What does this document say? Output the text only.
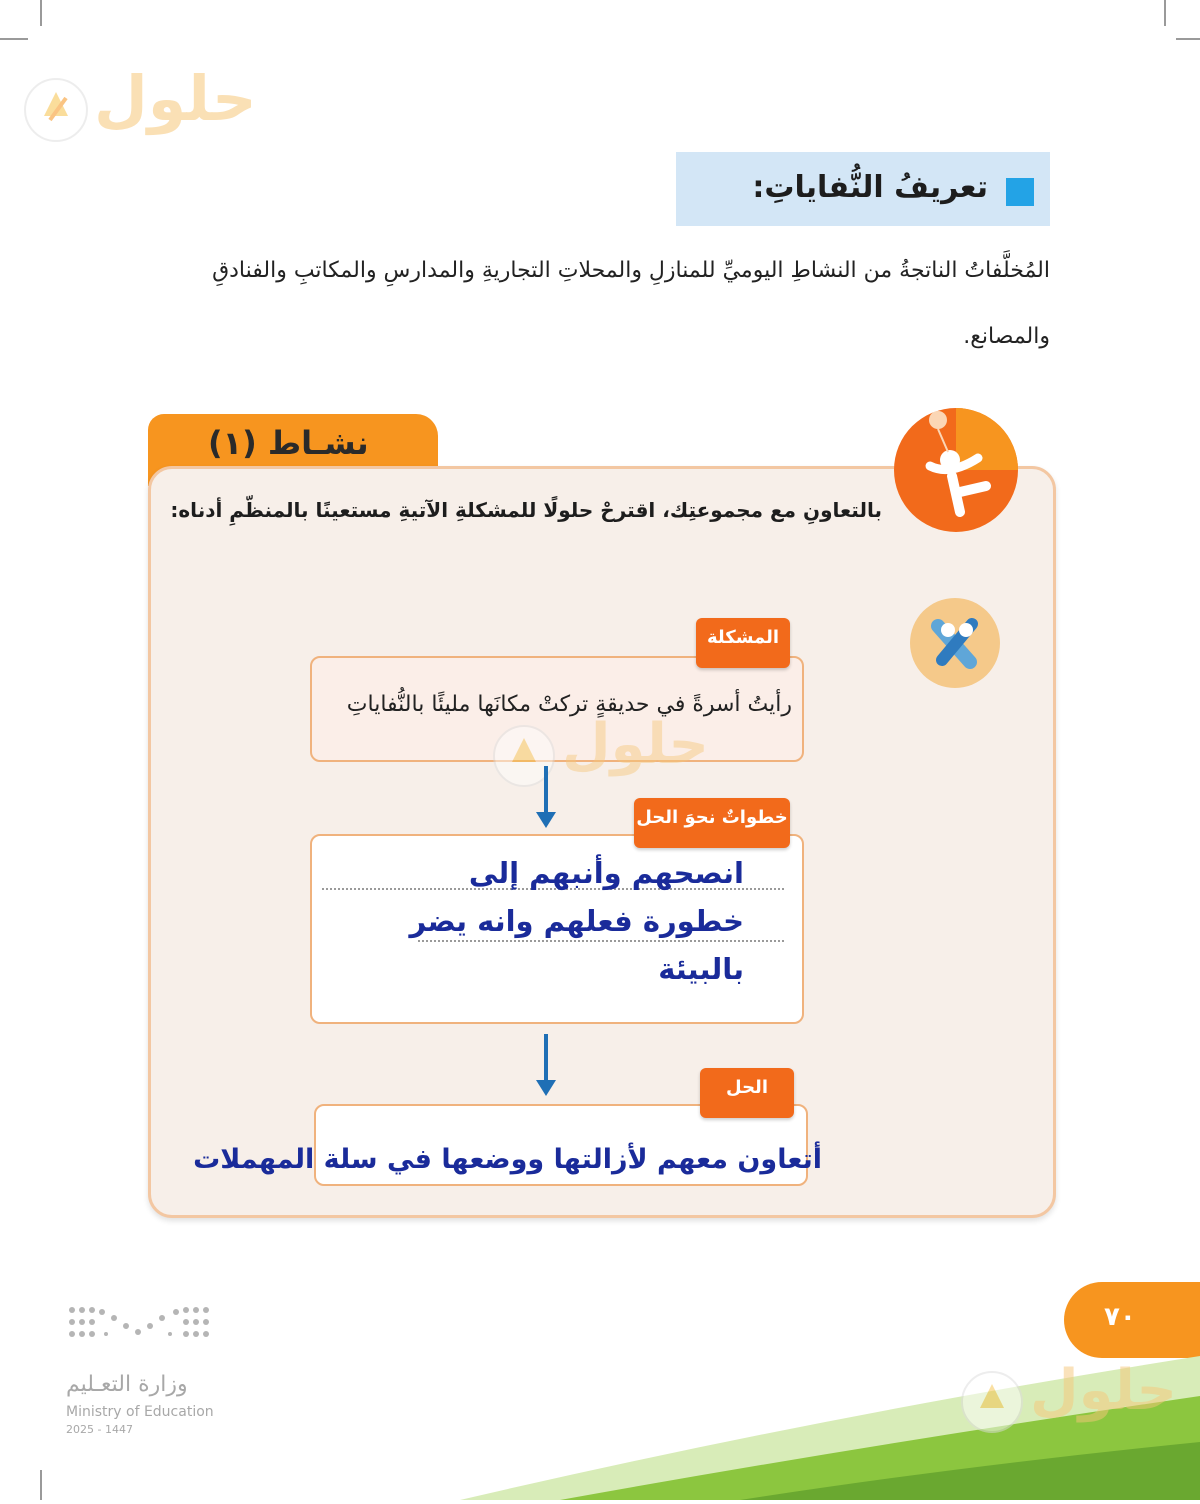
حلول
تعريفُ النُّفاياتِ:
المُخلَّفاتُ الناتجةُ من النشاطِ اليوميِّ للمنازلِ والمحلاتِ التجاريةِ والمدارسِ والمكاتبِ والفنادقِ
والمصانع.
نشـاط (١)
بالتعاونِ مع مجموعتِك، اقترحْ حلولًا للمشكلةِ الآتيةِ مستعينًا بالمنظّمِ أدناه:
المشكلة
رأيتُ أسرةً في حديقةٍ تركتْ مكانَها مليئًا بالنُّفاياتِ
حلول
خطواتٌ نحوَ الحل
انصحهم وأنبهم إلى
خطورة فعلهم وانه يضر
بالبيئة
الحل
أتعاون معهم لأزالتها ووضعها في سلة المهملات
٧٠
حلول
وزارة التعـليم
Ministry of Education
2025 - 1447
